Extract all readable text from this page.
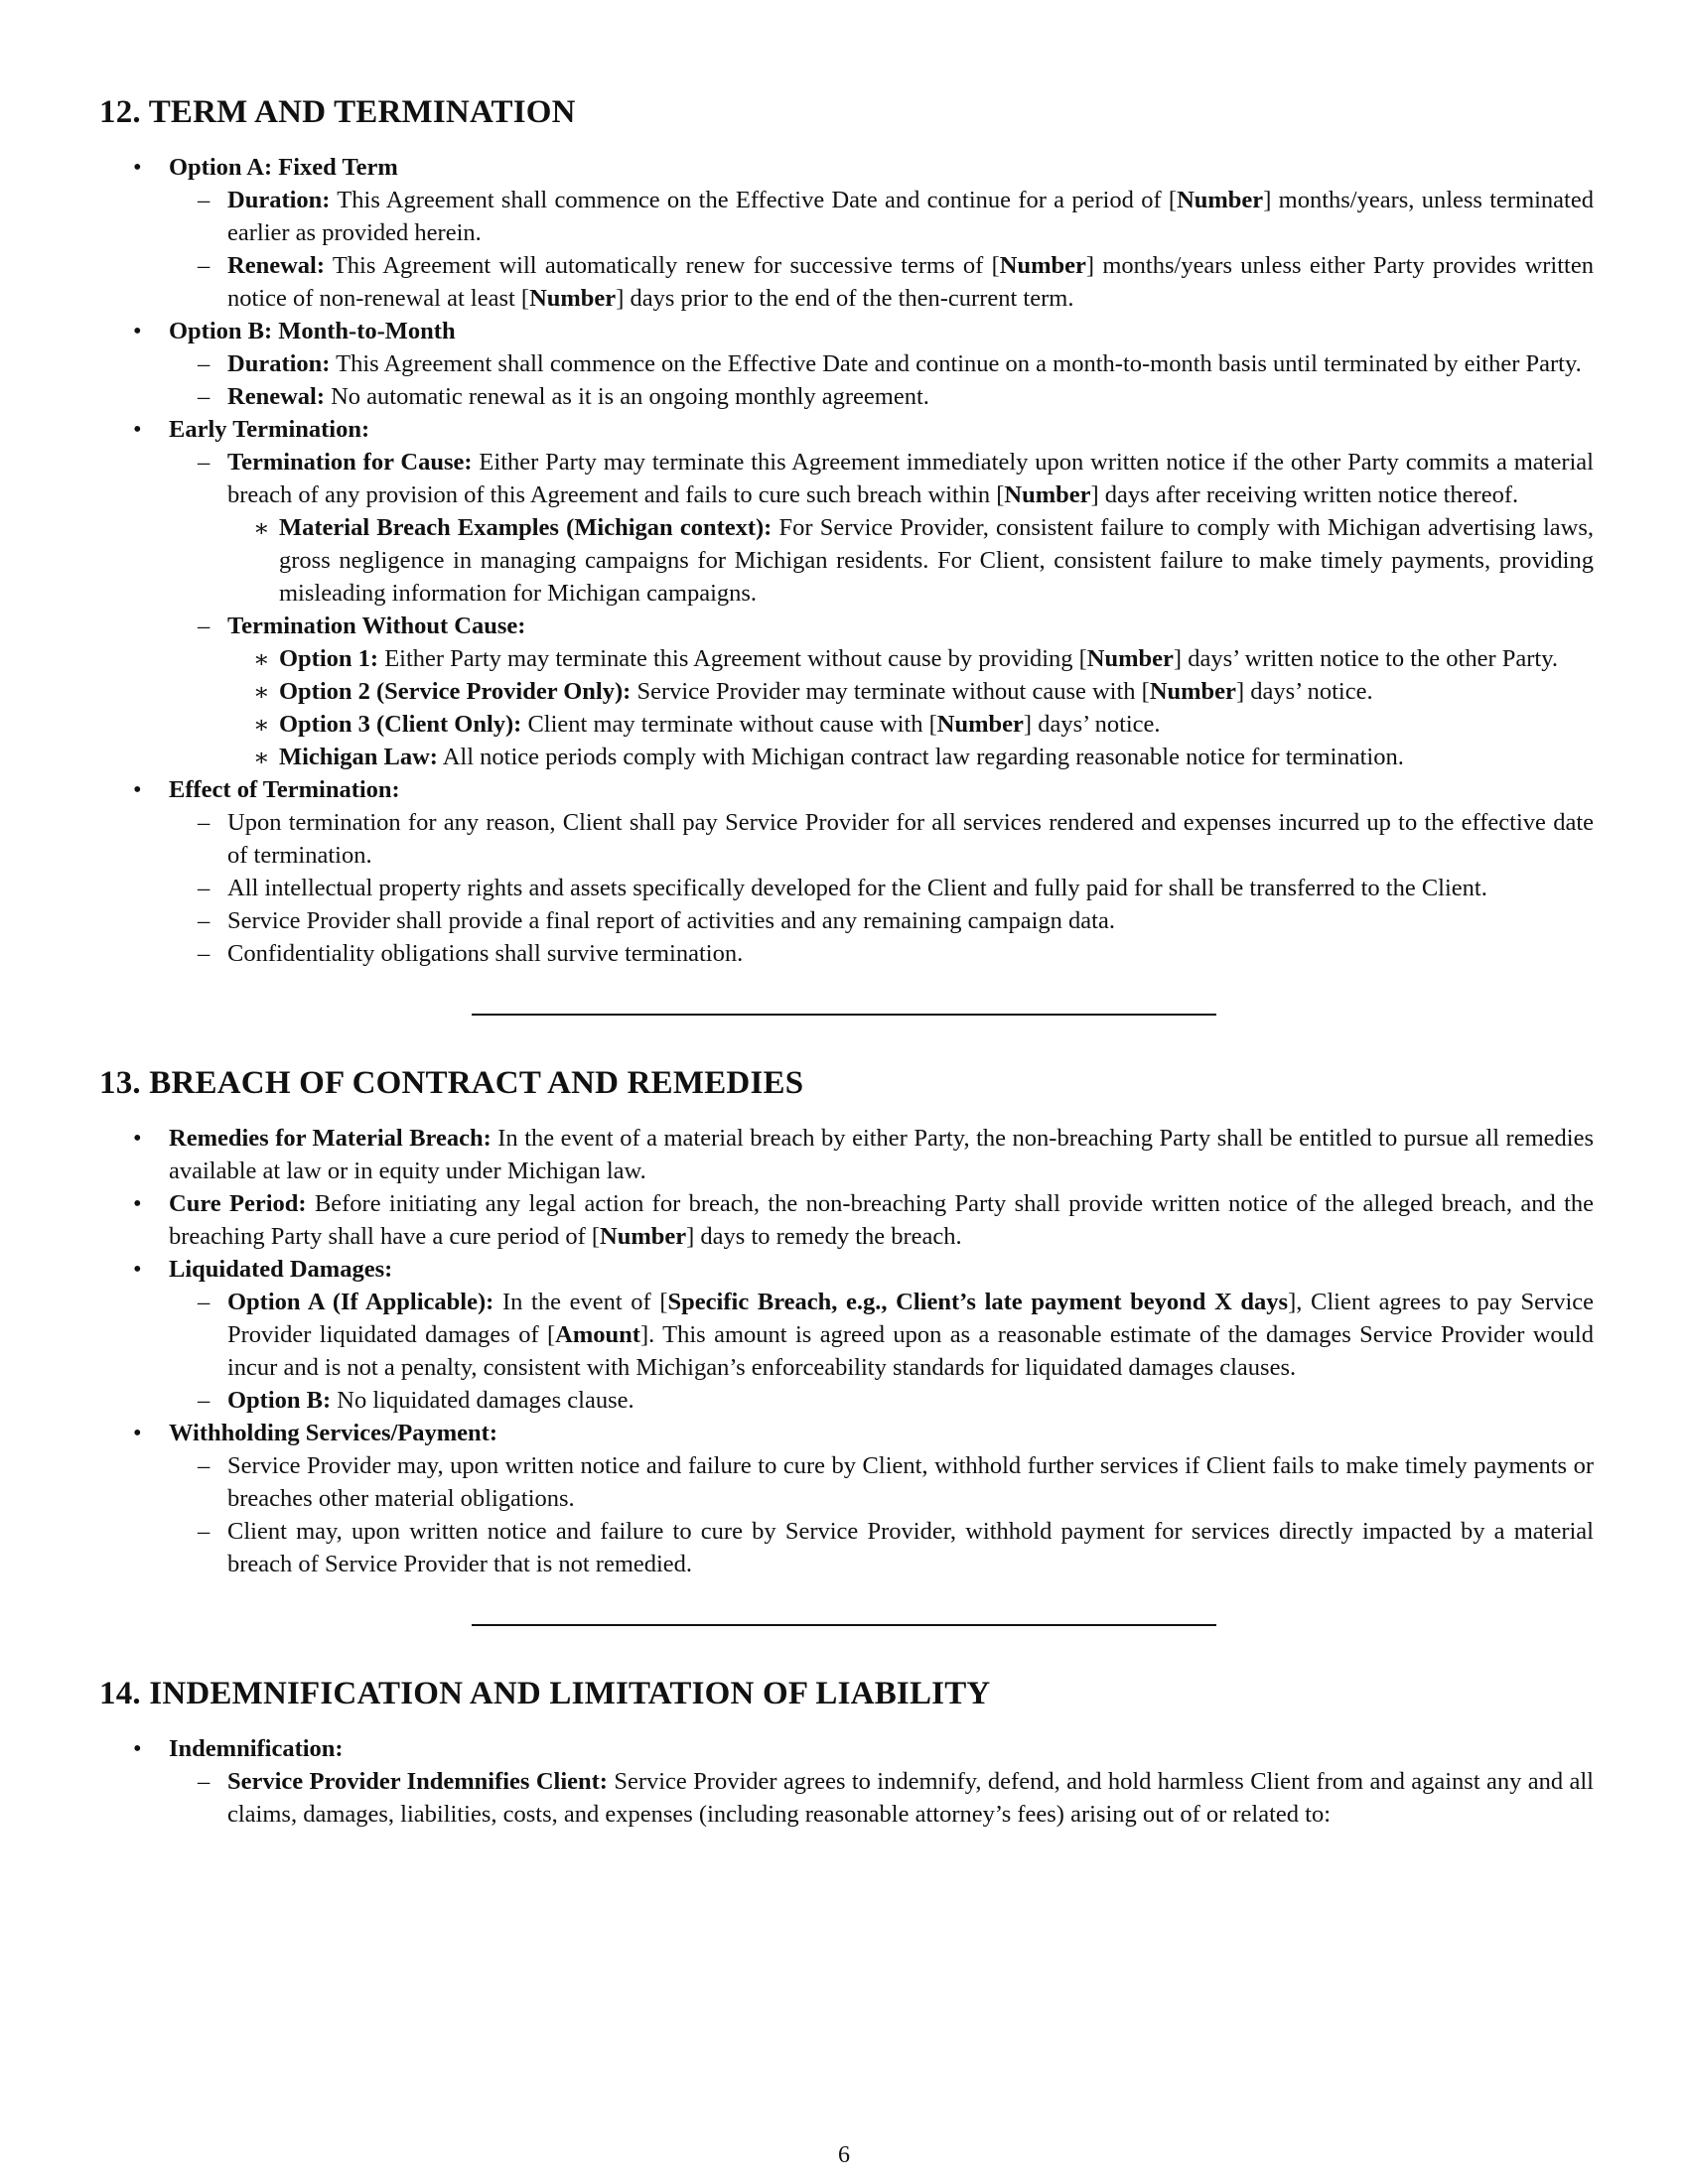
12. TERM AND TERMINATION
• Option A: Fixed Term
– Duration: This Agreement shall commence on the Effective Date and continue for a period of [Number] months/years, unless terminated earlier as provided herein.
– Renewal: This Agreement will automatically renew for successive terms of [Number] months/years unless either Party provides written notice of non-renewal at least [Number] days prior to the end of the then-current term.
• Option B: Month-to-Month
– Duration: This Agreement shall commence on the Effective Date and continue on a month-to-month basis until terminated by either Party.
– Renewal: No automatic renewal as it is an ongoing monthly agreement.
• Early Termination:
– Termination for Cause: Either Party may terminate this Agreement immediately upon written notice if the other Party commits a material breach of any provision of this Agreement and fails to cure such breach within [Number] days after receiving written notice thereof.
∗ Material Breach Examples (Michigan context): For Service Provider, consistent failure to comply with Michigan advertising laws, gross negligence in managing campaigns for Michigan residents. For Client, consistent failure to make timely payments, providing misleading information for Michigan campaigns.
– Termination Without Cause:
∗ Option 1: Either Party may terminate this Agreement without cause by providing [Number] days’ written notice to the other Party.
∗ Option 2 (Service Provider Only): Service Provider may terminate without cause with [Number] days’ notice.
∗ Option 3 (Client Only): Client may terminate without cause with [Number] days’ notice.
∗ Michigan Law: All notice periods comply with Michigan contract law regarding reasonable notice for termination.
• Effect of Termination:
– Upon termination for any reason, Client shall pay Service Provider for all services rendered and expenses incurred up to the effective date of termination.
– All intellectual property rights and assets specifically developed for the Client and fully paid for shall be transferred to the Client.
– Service Provider shall provide a final report of activities and any remaining campaign data.
– Confidentiality obligations shall survive termination.
13. BREACH OF CONTRACT AND REMEDIES
• Remedies for Material Breach: In the event of a material breach by either Party, the non-breaching Party shall be entitled to pursue all remedies available at law or in equity under Michigan law.
• Cure Period: Before initiating any legal action for breach, the non-breaching Party shall provide written notice of the alleged breach, and the breaching Party shall have a cure period of [Number] days to remedy the breach.
• Liquidated Damages:
– Option A (If Applicable): In the event of [Specific Breach, e.g., Client’s late payment beyond X days], Client agrees to pay Service Provider liquidated damages of [Amount]. This amount is agreed upon as a reasonable estimate of the damages Service Provider would incur and is not a penalty, consistent with Michigan’s enforceability standards for liquidated damages clauses.
– Option B: No liquidated damages clause.
• Withholding Services/Payment:
– Service Provider may, upon written notice and failure to cure by Client, withhold further services if Client fails to make timely payments or breaches other material obligations.
– Client may, upon written notice and failure to cure by Service Provider, withhold payment for services directly impacted by a material breach of Service Provider that is not remedied.
14. INDEMNIFICATION AND LIMITATION OF LIABILITY
• Indemnification:
– Service Provider Indemnifies Client: Service Provider agrees to indemnify, defend, and hold harmless Client from and against any and all claims, damages, liabilities, costs, and expenses (including reasonable attorney’s fees) arising out of or related to:
6
